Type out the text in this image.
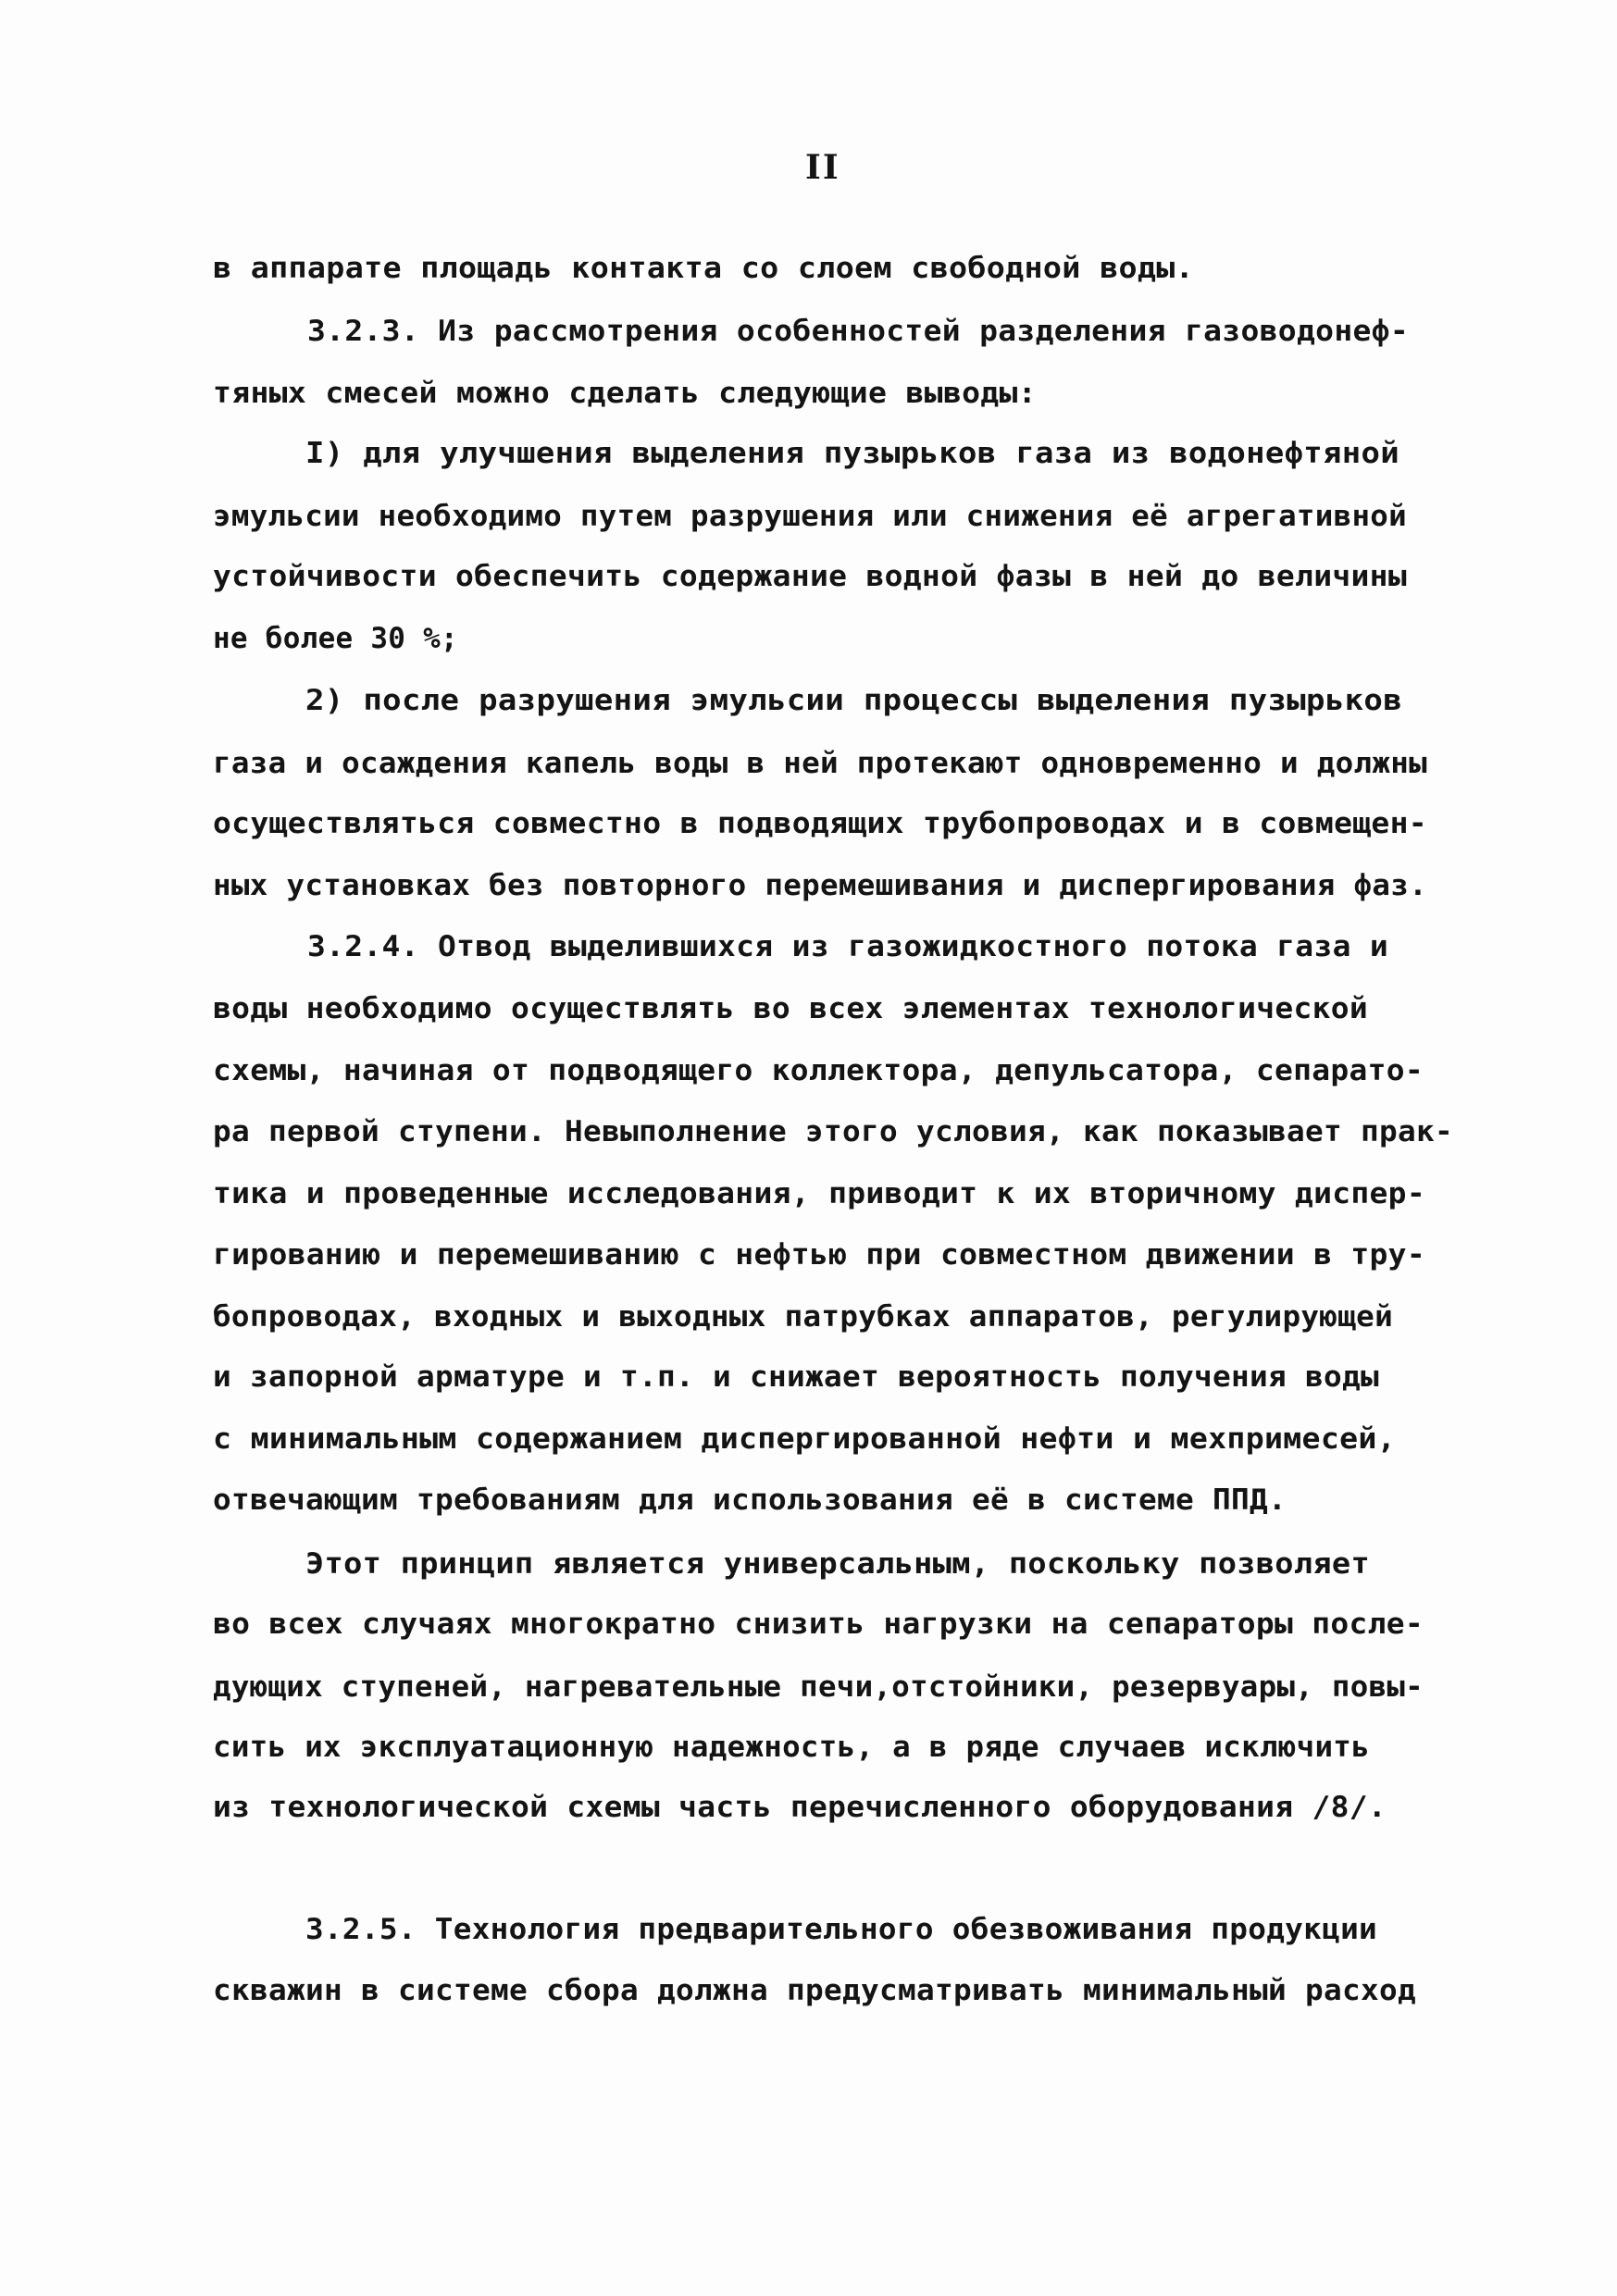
II
в аппарате площадь контакта со слоем свободной воды.
3.2.3. Из рассмотрения особенностей разделения газоводонеф-
тяных смесей можно сделать следующие выводы:
I) для улучшения выделения пузырьков газа из водонефтяной
эмульсии необходимо путем разрушения или снижения её агрегативной
устойчивости обеспечить содержание водной фазы в ней до величины
не более 30 %;
2) после разрушения эмульсии процессы выделения пузырьков
газа и осаждения капель воды в ней протекают одновременно и должны
осуществляться совместно в подводящих трубопроводах и в совмещен-
ных установках без повторного перемешивания и диспергирования фаз.
3.2.4. Отвод выделившихся из газожидкостного потока газа и
воды необходимо осуществлять во всех элементах технологической
схемы, начиная от подводящего коллектора, депульсатора, сепарато-
ра первой ступени. Невыполнение этого условия, как показывает прак-
тика и проведенные исследования, приводит к их вторичному диспер-
гированию и перемешиванию с нефтью при совместном движении в тру-
бопроводах, входных и выходных патрубках аппаратов, регулирующей
и запорной арматуре и т.п. и снижает вероятность получения воды
с минимальным содержанием диспергированной нефти и мехпримесей,
отвечающим требованиям для использования её в системе ППД.
Этот принцип является универсальным, поскольку позволяет
во всех случаях многократно снизить нагрузки на сепараторы после-
дующих ступеней, нагревательные печи,отстойники, резервуары, повы-
сить их эксплуатационную надежность, а в ряде случаев исключить
из технологической схемы часть перечисленного оборудования /8/.
3.2.5. Технология предварительного обезвоживания продукции
скважин в системе сбора должна предусматривать минимальный расход
